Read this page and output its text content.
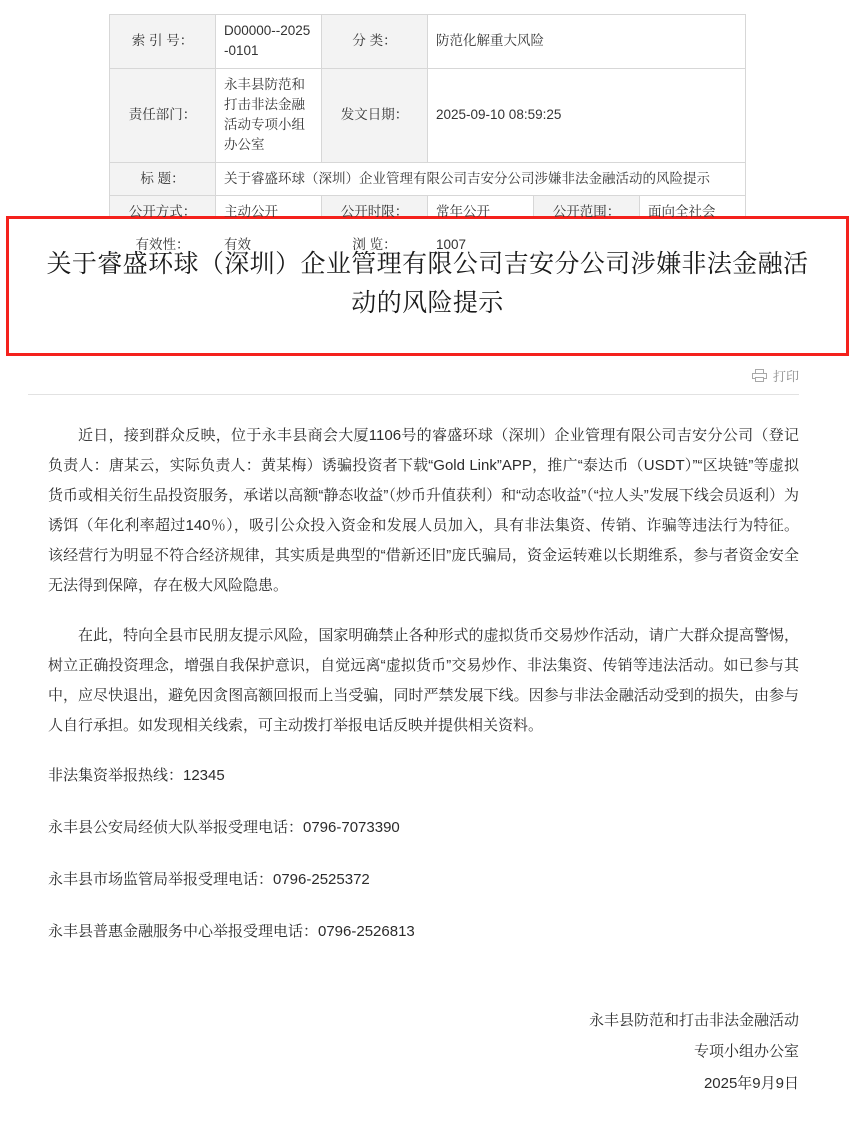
索 引 号：	D00000--2025-0101	分 类：	防范化解重大风险		
责任部门：	永丰县防范和打击非法金融活动专项小组办公室	发文日期：	2025-09-10 08:59:25		
标 题：	关于睿盛环球（深圳）企业管理有限公司吉安分公司涉嫌非法金融活动的风险提示				
公开方式：	主动公开	公开时限：	常年公开	公开范围：	面向全社会
有效性：	有效	浏 览：	1007		
关于睿盛环球（深圳）企业管理有限公司吉安分公司涉嫌非法金融活动的风险提示
打印

近日，接到群众反映，位于永丰县商会大厦1106号的睿盛环球（深圳）企业管理有限公司吉安分公司（登记负责人：唐某云，实际负责人：黄某梅）诱骗投资者下载“Gold Link”APP，推广“泰达币（USDT）”“区块链”等虚拟货币或相关衍生品投资服务，承诺以高额“静态收益”（炒币升值获利）和“动态收益”（“拉人头”发展下线会员返利）为诱饵（年化利率超过140％），吸引公众投入资金和发展人员加入，具有非法集资、传销、诈骗等违法行为特征。该经营行为明显不符合经济规律，其实质是典型的“借新还旧”庞氏骗局，资金运转难以长期维系，参与者资金安全无法得到保障，存在极大风险隐患。

在此，特向全县市民朋友提示风险，国家明确禁止各种形式的虚拟货币交易炒作活动，请广大群众提高警惕，树立正确投资理念，增强自我保护意识，自觉远离“虚拟货币”交易炒作、非法集资、传销等违法活动。如已参与其中，应尽快退出，避免因贪图高额回报而上当受骗，同时严禁发展下线。因参与非法金融活动受到的损失，由参与人自行承担。如发现相关线索，可主动拨打举报电话反映并提供相关资料。

非法集资举报热线：12345

永丰县公安局经侦大队举报受理电话：0796-7073390

永丰县市场监管局举报受理电话：0796-2525372

永丰县普惠金融服务中心举报受理电话：0796-2526813

永丰县防范和打击非法金融活动
专项小组办公室
2025年9月9日
